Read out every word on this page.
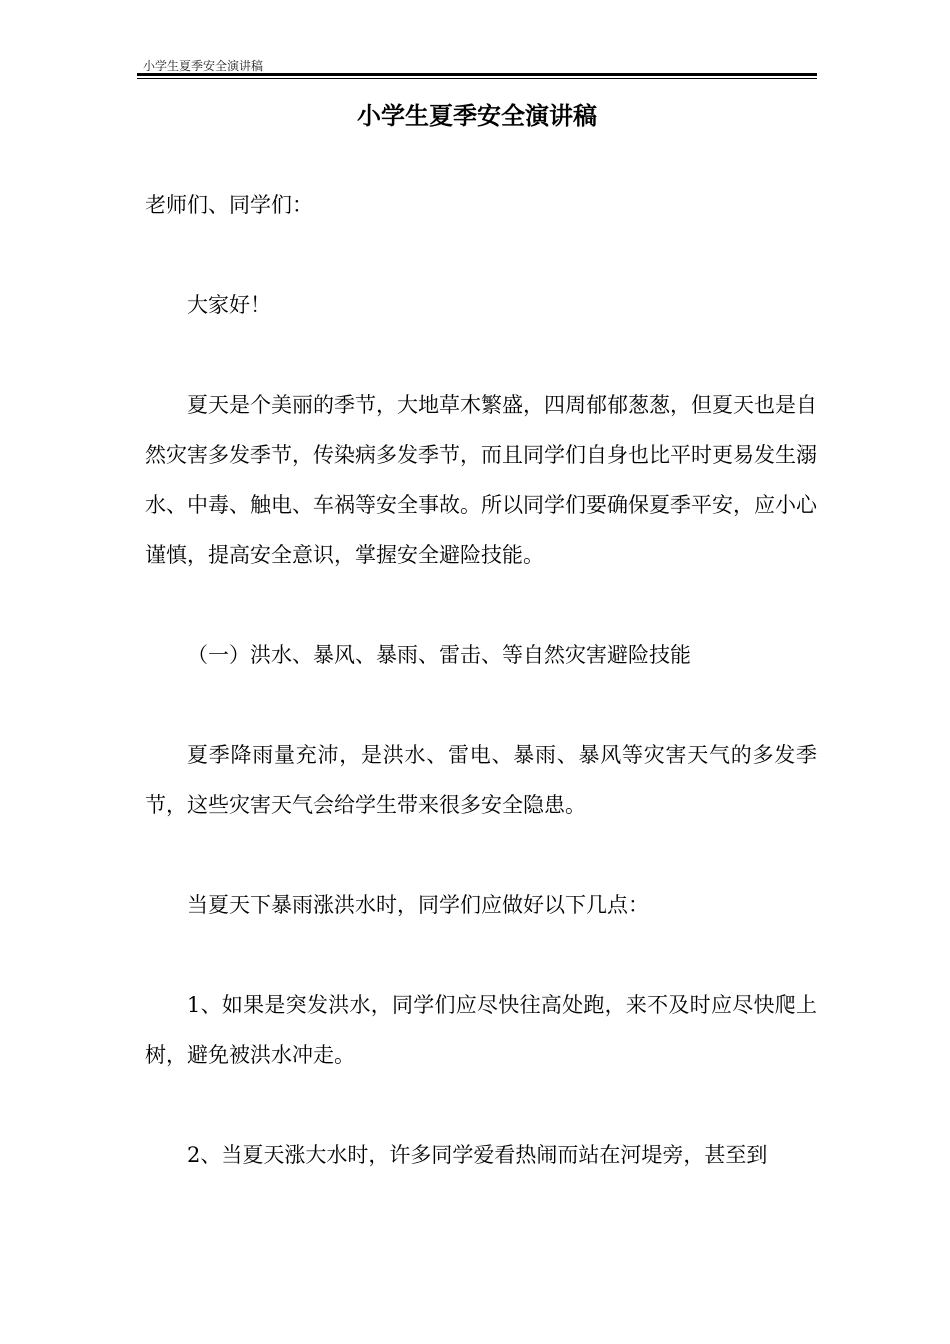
小学生夏季安全演讲稿
小学生夏季安全演讲稿

老师们、同学们：

大家好！

夏天是个美丽的季节，大地草木繁盛，四周郁郁葱葱，但夏天也是自然灾害多发季节，传染病多发季节，而且同学们自身也比平时更易发生溺水、中毒、触电、车祸等安全事故。所以同学们要确保夏季平安，应小心谨慎，提高安全意识，掌握安全避险技能。

（一）洪水、暴风、暴雨、雷击、等自然灾害避险技能

夏季降雨量充沛，是洪水、雷电、暴雨、暴风等灾害天气的多发季节，这些灾害天气会给学生带来很多安全隐患。

当夏天下暴雨涨洪水时，同学们应做好以下几点：

1、如果是突发洪水，同学们应尽快往高处跑，来不及时应尽快爬上树，避免被洪水冲走。

2、当夏天涨大水时，许多同学爱看热闹而站在河堤旁，甚至到
